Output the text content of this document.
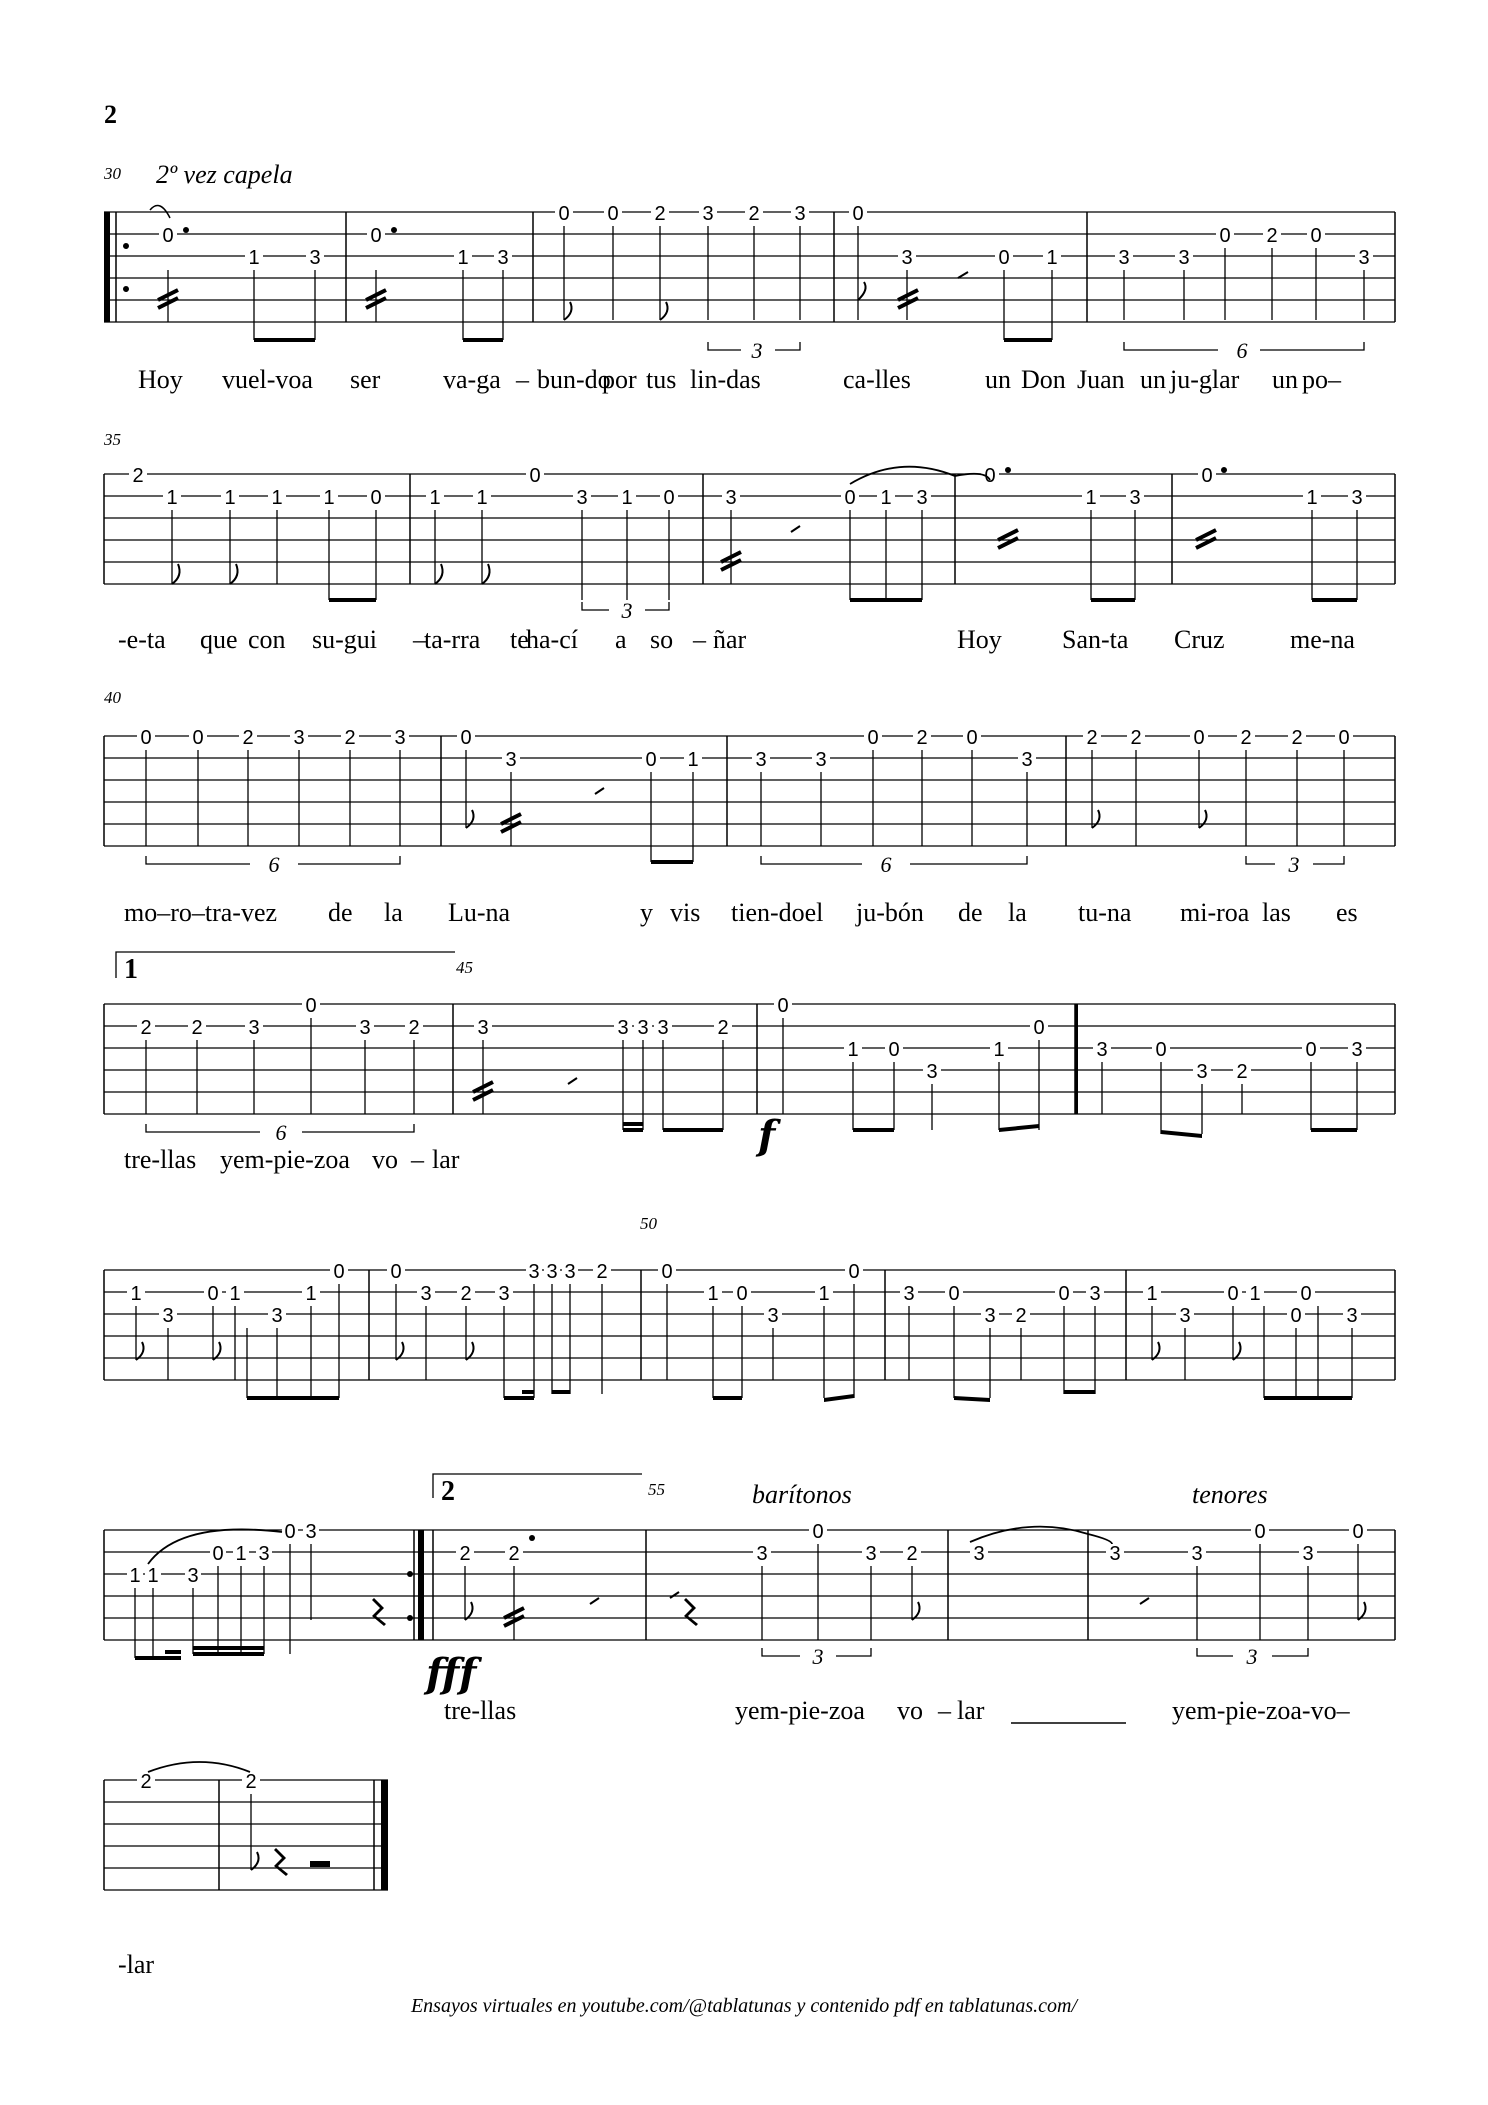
2
30 2º vez capela
0
1 3
0
1 3
0 0 2 3 2 3 0
3	0 1	3 3
0 2 0
3
3	6
Hoy vuel-voa ser va-ga – bun-do
por tus lin-das	ca-lles	un Don Juan un ju-glar un po–
35
2
1 1 1 1 0 1 1
0
3 1 0	3	0 1 3
0
1 3
0
1 3
3
-e-ta que con su-gui –
ta-rra te
ha-cí a so – ñar	Hoy San-ta Cruz	me-na
40
0 0 2 3 2 3	0
3	0 1	3 3
0 2 0
3
2 2	0 2 2 0
6	6	3
mo–ro–tra-vez de la Lu-na	y vis tien-doel ju-bón de la tu-na mi-roa las es
1	45
2 2 3
0
3 2	3	3 3 3 2
0
1 0
3
1
0
3 0
3 2
0 3
6	f
tre-llas yem-pie-zoa vo – lar
50
1
3
0 1
3
1
0 0
3 2 3
3 3 3 2	0
1 0
3
1
0
3 0
3 2
0 3 1
3
0 1 0
0 3
2	55	barítonos	tenores
1 1 3
0 1 3
0 3
2 2	3
0
3 2	3	3	3
0
3
0
3	3
fff
tre-llas	yem-pie-zoa vo – lar	yem-pie-zoa-vo–
2	2
-lar
Ensayos virtuales en youtube.com/@tablatunas y contenido pdf en tablatunas.com/
